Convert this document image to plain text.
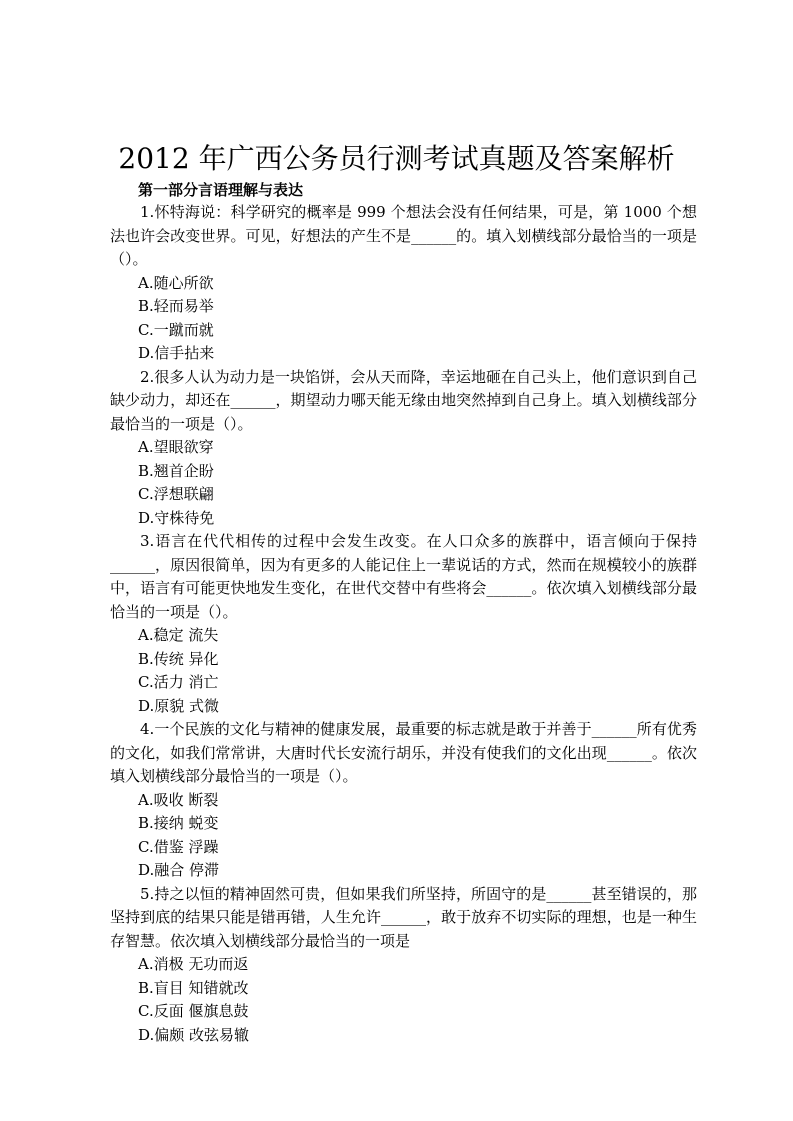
2012 年广西公务员行测考试真题及答案解析
第一部分言语理解与表达

1.怀特海说：科学研究的概率是 999 个想法会没有任何结果，可是，第 1000 个想法也许会改变世界。可见，好想法的产生不是______的。填入划横线部分最恰当的一项是（）。

A.随心所欲

B.轻而易举

C.一蹴而就

D.信手拈来

2.很多人认为动力是一块馅饼，会从天而降，幸运地砸在自己头上，他们意识到自己缺少动力，却还在______，期望动力哪天能无缘由地突然掉到自己身上。填入划横线部分最恰当的一项是（）。

A.望眼欲穿

B.翘首企盼

C.浮想联翩

D.守株待免

3.语言在代代相传的过程中会发生改变。在人口众多的族群中，语言倾向于保持______，原因很简单，因为有更多的人能记住上一辈说话的方式，然而在规模较小的族群中，语言有可能更快地发生变化，在世代交替中有些将会______。依次填入划横线部分最恰当的一项是（）。

A.稳定 流失

B.传统 异化

C.活力 消亡

D.原貌 式微

4.一个民族的文化与精神的健康发展，最重要的标志就是敢于并善于______所有优秀的文化，如我们常常讲，大唐时代长安流行胡乐，并没有使我们的文化出现______。依次填入划横线部分最恰当的一项是（）。

A.吸收 断裂

B.接纳 蜕变

C.借鉴 浮躁

D.融合 停滞

5.持之以恒的精神固然可贵，但如果我们所坚持，所固守的是______甚至错误的，那坚持到底的结果只能是错再错，人生允许______，敢于放弃不切实际的理想，也是一种生存智慧。依次填入划横线部分最恰当的一项是

A.消极 无功而返

B.盲目 知错就改

C.反面 偃旗息鼓

D.偏颇 改弦易辙
